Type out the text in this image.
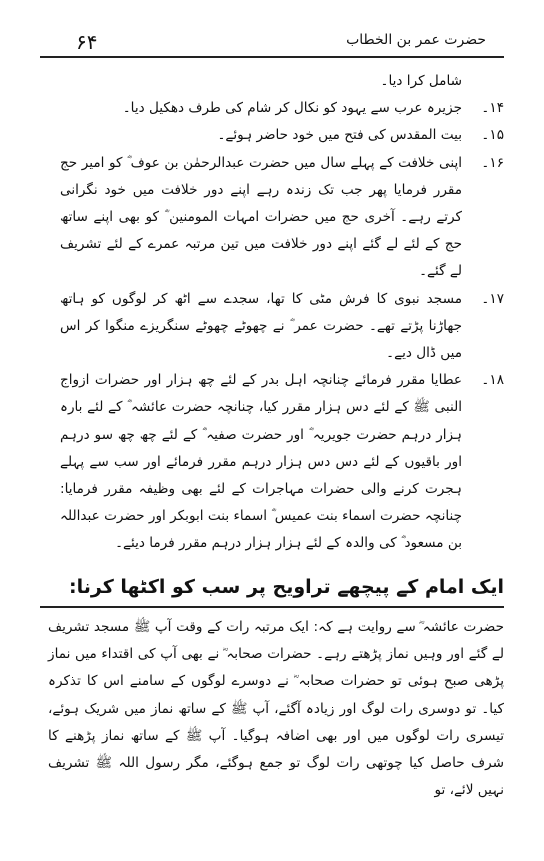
۶۴	حضرت عمر بن الخطاب

شامل کرا دیا۔

۱۴۔
جزیرہ عرب سے یہود کو نکال کر شام کی طرف دھکیل دیا۔

۱۵۔
بیت المقدس کی فتح میں خود حاضر ہوئے۔

۱۶۔
اپنی خلافت کے پہلے سال میں حضرت عبدالرحمٰن بن عوف ؓ کو امیر حج مقرر فرمایا پھر جب تک زندہ رہے اپنے دور خلافت میں خود نگرانی کرتے رہے۔ آخری حج میں حضرات امہات المومنین ؓ کو بھی اپنے ساتھ حج کے لئے لے گئے اپنے دور خلافت میں تین مرتبہ عمرے کے لئے تشریف لے گئے۔

۱۷۔
مسجد نبوی کا فرش مٹی کا تھا، سجدے سے اٹھ کر لوگوں کو ہاتھ جھاڑنا پڑتے تھے۔ حضرت عمر ؓ نے چھوٹے چھوٹے سنگریزے منگوا کر اس میں ڈال دیے۔

۱۸۔
عطایا مقرر فرمائے چنانچہ اہل بدر کے لئے چھ ہزار اور حضرات ازواج النبی ﷺ کے لئے دس ہزار مقرر کیا، چنانچہ حضرت عائشہ ؓ کے لئے بارہ ہزار درہم حضرت جویریہ ؓ اور حضرت صفیہ ؓ کے لئے چھ چھ سو درہم اور باقیوں کے لئے دس دس ہزار درہم مقرر فرمائے اور سب سے پہلے ہجرت کرنے والی حضرات مہاجرات کے لئے بھی وظیفہ مقرر فرمایا: چنانچہ حضرت اسماء بنت عمیس ؓ اسماء بنت ابوبکر اور حضرت عبداللہ بن مسعود ؓ کی والدہ کے لئے ہزار ہزار درہم مقرر فرما دیئے۔

ایک امام کے پیچھے تراویح پر سب کو اکٹھا کرنا:

حضرت عائشہ ؓ سے روایت ہے کہ: ایک مرتبہ رات کے وقت آپ ﷺ مسجد تشریف لے گئے اور وہیں نماز پڑھتے رہے۔ حضرات صحابہ ؓ نے بھی آپ کی اقتداء میں نماز پڑھی صبح ہوئی تو حضرات صحابہ ؓ نے دوسرے لوگوں کے سامنے اس کا تذکرہ کیا۔ تو دوسری رات لوگ اور زیادہ آگئے، آپ ﷺ کے ساتھ نماز میں شریک ہوئے، تیسری رات لوگوں میں اور بھی اضافہ ہوگیا۔ آپ ﷺ کے ساتھ نماز پڑھنے کا شرف حاصل کیا چوتھی رات لوگ تو جمع ہوگئے، مگر رسول اللہ ﷺ تشریف نہیں لائے، تو
